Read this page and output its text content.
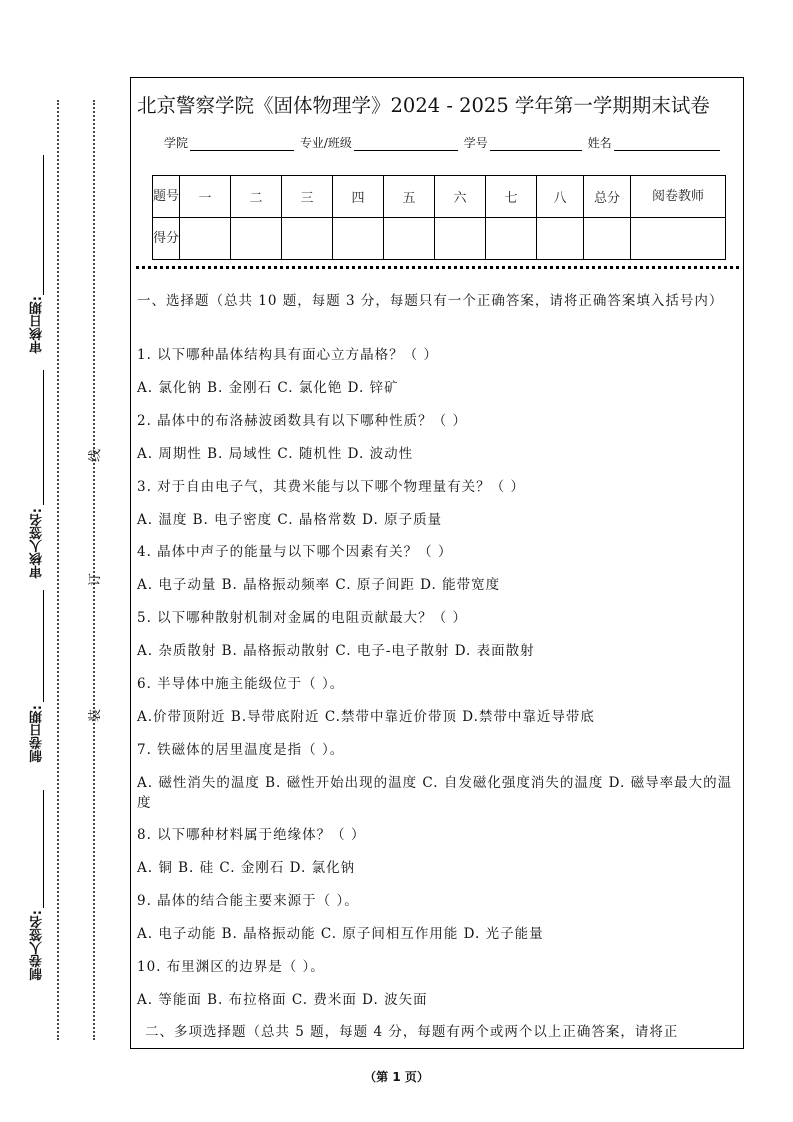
审核日期:
审核人签名:
制卷日期:
制卷人签名:
线
订
装
北京警察学院《固体物理学》2024 - 2025 学年第一学期期末试卷
学院	专业/班级	学号	姓名
题号	一	二	三	四	五	六	七	八	总分	阅卷教师
得分										
一、选择题（总共 10 题，每题 3 分，每题只有一个正确答案，请将正确答案填入括号内）
1. 以下哪种晶体结构具有面心立方晶格？（ ）
A. 氯化钠 B. 金刚石 C. 氯化铯 D. 锌矿
2. 晶体中的布洛赫波函数具有以下哪种性质？（ ）
A. 周期性 B. 局域性 C. 随机性 D. 波动性
3. 对于自由电子气，其费米能与以下哪个物理量有关？（ ）
A. 温度 B. 电子密度 C. 晶格常数 D. 原子质量
4. 晶体中声子的能量与以下哪个因素有关？（ ）
A. 电子动量 B. 晶格振动频率 C. 原子间距 D. 能带宽度
5. 以下哪种散射机制对金属的电阻贡献最大？（ ）
A. 杂质散射 B. 晶格振动散射 C. 电子-电子散射 D. 表面散射
6. 半导体中施主能级位于（ ）。
A.价带顶附近 B.导带底附近 C.禁带中靠近价带顶 D.禁带中靠近导带底
7. 铁磁体的居里温度是指（ ）。
A. 磁性消失的温度 B. 磁性开始出现的温度 C. 自发磁化强度消失的温度 D. 磁导率最大的温度
8. 以下哪种材料属于绝缘体？（ ）
A. 铜 B. 硅 C. 金刚石 D. 氯化钠
9. 晶体的结合能主要来源于（ ）。
A. 电子动能 B. 晶格振动能 C. 原子间相互作用能 D. 光子能量
10. 布里渊区的边界是（ ）。
A. 等能面 B. 布拉格面 C. 费米面 D. 波矢面
二、多项选择题（总共 5 题，每题 4 分，每题有两个或两个以上正确答案，请将正
（第 1 页）
